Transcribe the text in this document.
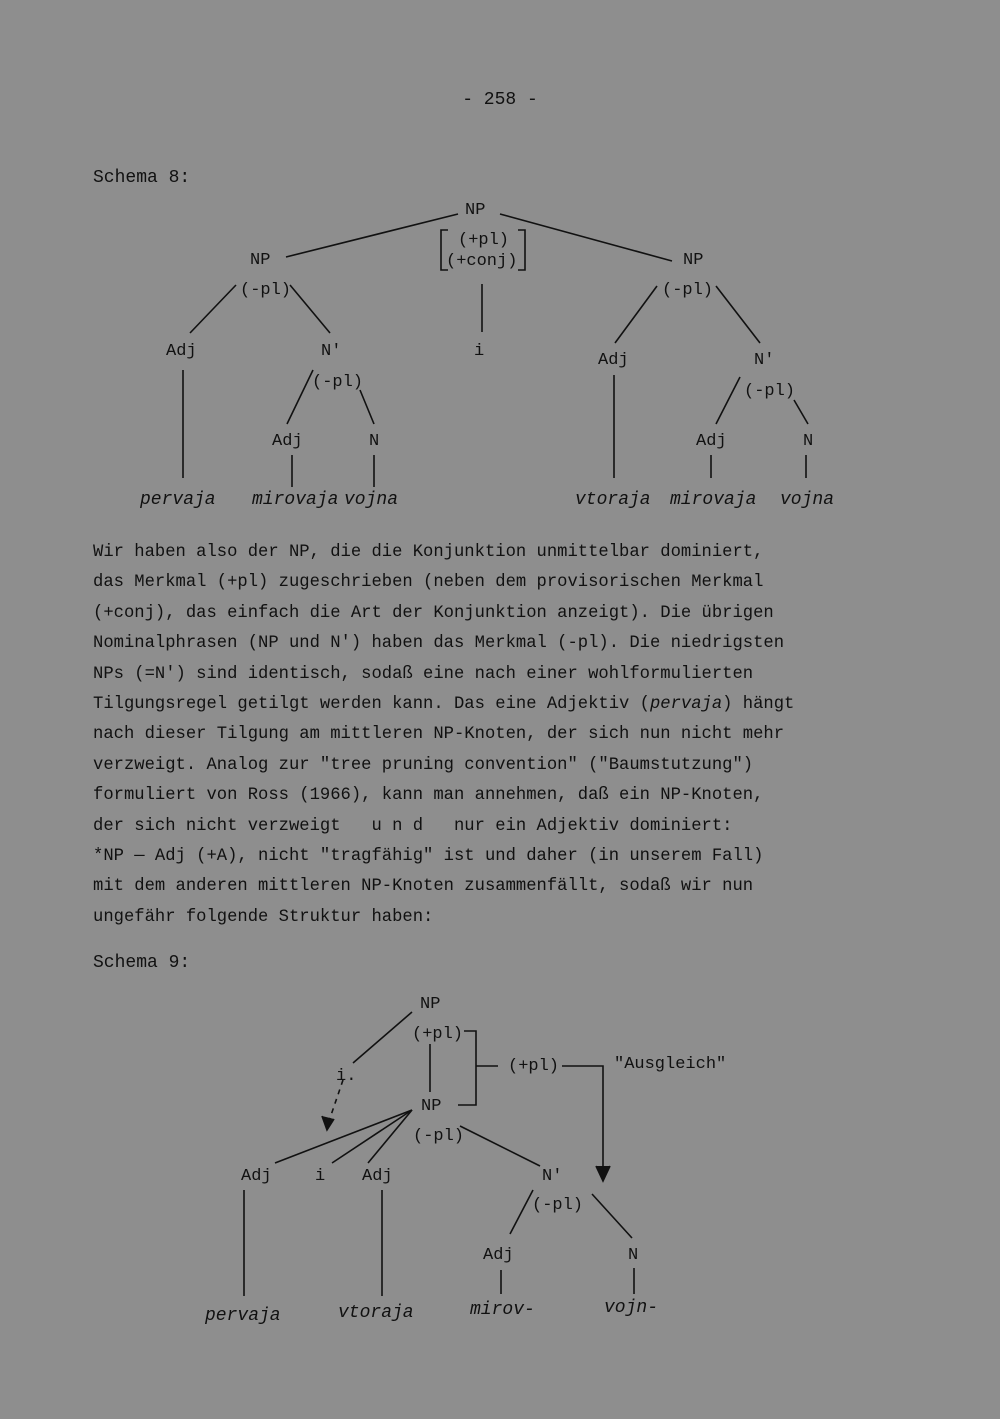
- 258 -
Schema 8:
NP
(+pl)
(+conj)
NP
(-pl)
Adj	N'
(-pl)
Adj	N
i
NP
(-pl)
Adj	N'
(-pl)
Adj	N
pervaja mirovaja vojna	vtoraja mirovaja vojna
Wir haben also der NP, die die Konjunktion unmittelbar dominiert,
das Merkmal (+pl) zugeschrieben (neben dem provisorischen Merkmal
(+conj), das einfach die Art der Konjunktion anzeigt). Die übrigen
Nominalphrasen (NP und N') haben das Merkmal (-pl). Die niedrigsten
NPs (=N') sind identisch, sodaß eine nach einer wohlformulierten
Tilgungsregel getilgt werden kann. Das eine Adjektiv (pervaja) hängt
nach dieser Tilgung am mittleren NP-Knoten, der sich nun nicht mehr
verzweigt. Analog zur "tree pruning convention" ("Baumstutzung")
formuliert von Ross (1966), kann man annehmen, daß ein NP-Knoten,
der sich nicht verzweigt   u n d   nur ein Adjektiv dominiert:
*NP — Adj (+A), nicht "tragfähig" ist und daher (in unserem Fall)
mit dem anderen mittleren NP-Knoten zusammenfällt, sodaß wir nun
ungefähr folgende Struktur haben:
Schema 9:
NP
(+pl)
i.
NP
(-pl)
(+pl)	"Ausgleich"
Adj	i Adj	N'
(-pl)
Adj	N
pervaja	vtoraja	mirov-	vojn-
